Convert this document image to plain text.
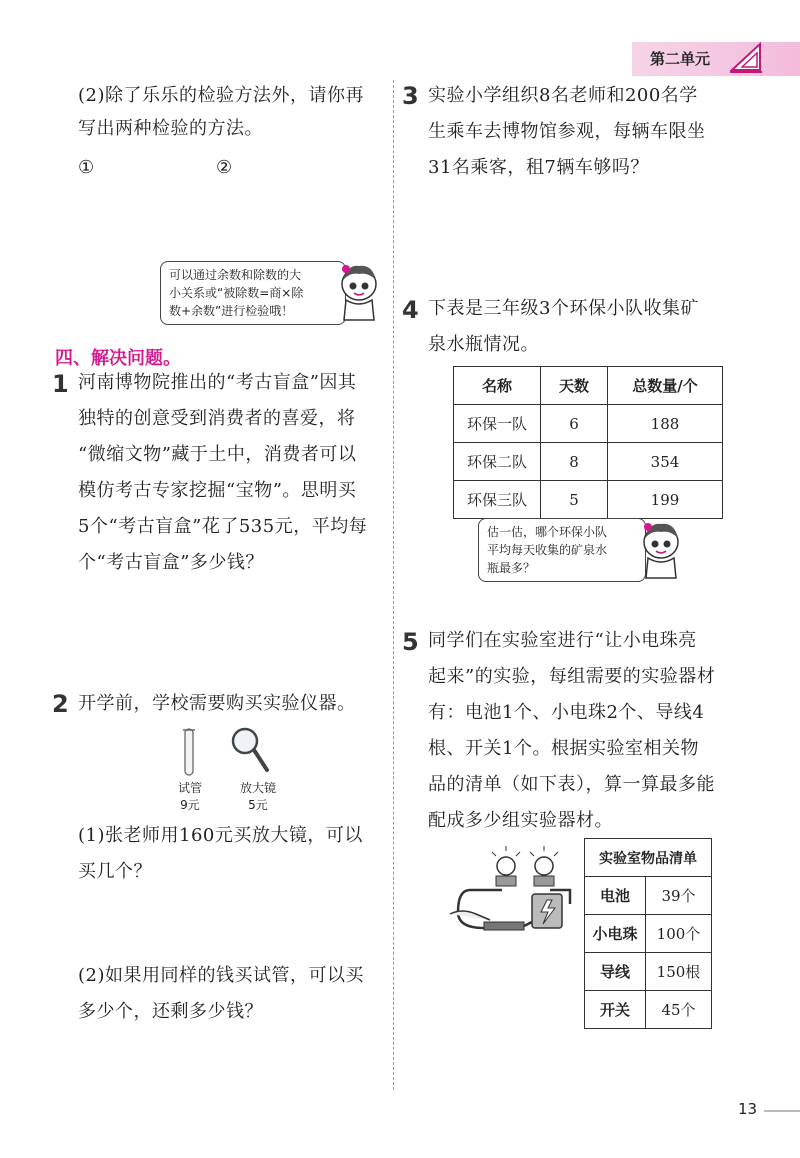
第二单元
(2)除了乐乐的检验方法外，请你再
写出两种检验的方法。
①	②
可以通过余数和除数的大
小关系或“被除数=商×除
数+余数”进行检验哦！
四、解决问题。
1 河南博物院推出的“考古盲盒”因其
独特的创意受到消费者的喜爱，将
“微缩文物”藏于土中，消费者可以
模仿考古专家挖掘“宝物”。思明买
5个“考古盲盒”花了535元，平均每
个“考古盲盒”多少钱？
2 开学前，学校需要购买实验仪器。
试管
9元
放大镜
5元
(1)张老师用160元买放大镜，可以
买几个？
(2)如果用同样的钱买试管，可以买
多少个，还剩多少钱？
3 实验小学组织8名老师和200名学
生乘车去博物馆参观，每辆车限坐
31名乘客，租7辆车够吗？
4 下表是三年级3个环保小队收集矿
泉水瓶情况。
名称	天数	总数量/个
环保一队	6	188
环保二队	8	354
环保三队	5	199
估一估，哪个环保小队
平均每天收集的矿泉水
瓶最多？
5 同学们在实验室进行“让小电珠亮
起来”的实验，每组需要的实验器材
有：电池1个、小电珠2个、导线4
根、开关1个。根据实验室相关物
品的清单（如下表），算一算最多能
配成多少组实验器材。
实验室物品清单	
电池	39个
小电珠	100个
导线	150根
开关	45个
13
